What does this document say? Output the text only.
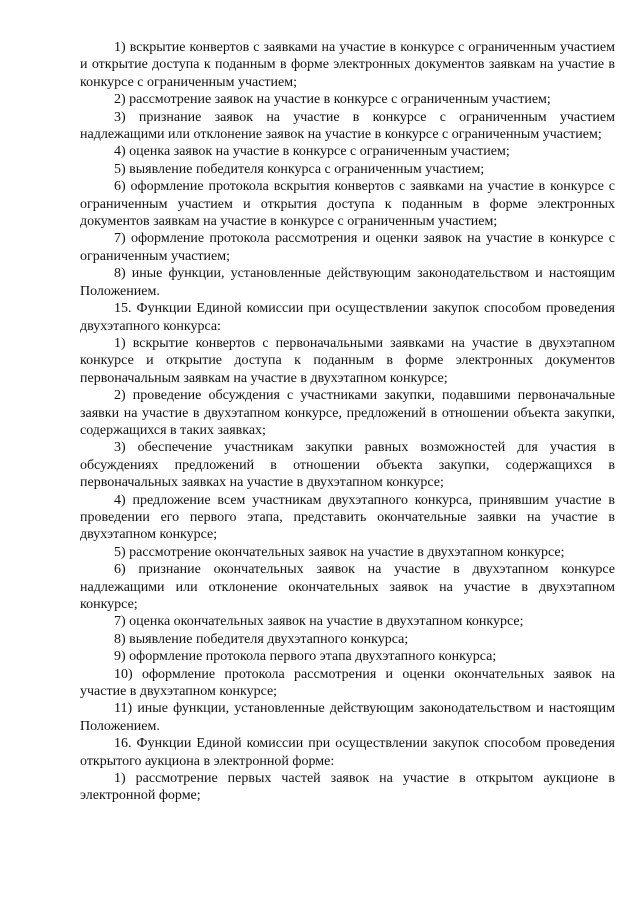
1) вскрытие конвертов с заявками на участие в конкурсе с ограниченным участием и открытие доступа к поданным в форме электронных документов заявкам на участие в конкурсе с ограниченным участием;

2) рассмотрение заявок на участие в конкурсе с ограниченным участием;

3) признание заявок на участие в конкурсе с ограниченным участием надлежащими или отклонение заявок на участие в конкурсе с ограниченным участием;

4) оценка заявок на участие в конкурсе с ограниченным участием;

5) выявление победителя конкурса с ограниченным участием;

6) оформление протокола вскрытия конвертов с заявками на участие в конкурсе с ограниченным участием и открытия доступа к поданным в форме электронных документов заявкам на участие в конкурсе с ограниченным участием;

7) оформление протокола рассмотрения и оценки заявок на участие в конкурсе с ограниченным участием;

8) иные функции, установленные действующим законодательством и настоящим Положением.

15. Функции Единой комиссии при осуществлении закупок способом проведения двухэтапного конкурса:

1) вскрытие конвертов с первоначальными заявками на участие в двухэтапном конкурсе и открытие доступа к поданным в форме электронных документов первоначальным заявкам на участие в двухэтапном конкурсе;

2) проведение обсуждения с участниками закупки, подавшими первоначальные заявки на участие в двухэтапном конкурсе, предложений в отношении объекта закупки, содержащихся в таких заявках;

3) обеспечение участникам закупки равных возможностей для участия в обсуждениях предложений в отношении объекта закупки, содержащихся в первоначальных заявках на участие в двухэтапном конкурсе;

4) предложение всем участникам двухэтапного конкурса, принявшим участие в проведении его первого этапа, представить окончательные заявки на участие в двухэтапном конкурсе;

5) рассмотрение окончательных заявок на участие в двухэтапном конкурсе;

6) признание окончательных заявок на участие в двухэтапном конкурсе надлежащими или отклонение окончательных заявок на участие в двухэтапном конкурсе;

7) оценка окончательных заявок на участие в двухэтапном конкурсе;

8) выявление победителя двухэтапного конкурса;

9) оформление протокола первого этапа двухэтапного конкурса;

10) оформление протокола рассмотрения и оценки окончательных заявок на участие в двухэтапном конкурсе;

11) иные функции, установленные действующим законодательством и настоящим Положением.

16. Функции Единой комиссии при осуществлении закупок способом проведения открытого аукциона в электронной форме:

1) рассмотрение первых частей заявок на участие в открытом аукционе в электронной форме;
